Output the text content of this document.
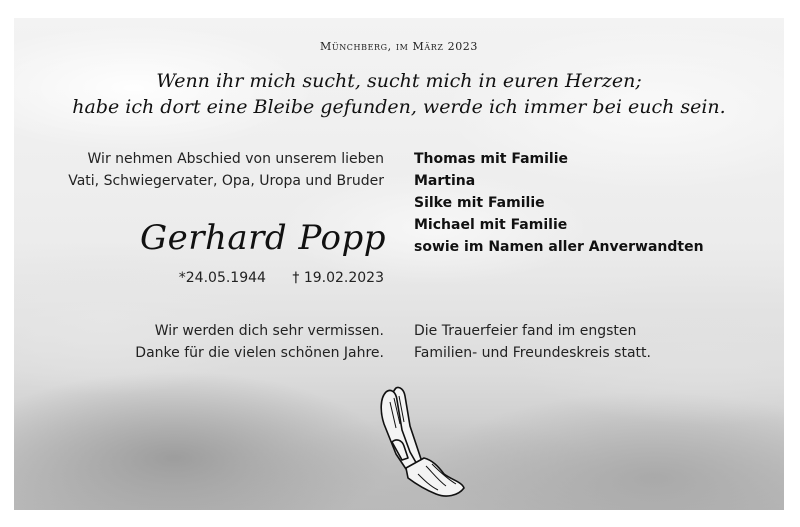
Münchberg, im März 2023
Wenn ihr mich sucht, sucht mich in euren Herzen;
habe ich dort eine Bleibe gefunden, werde ich immer bei euch sein.
Wir nehmen Abschied von unserem lieben
Vati, Schwiegervater, Opa, Uropa und Bruder
Gerhard Popp
*24.05.1944 † 19.02.2023
Thomas mit Familie
Martina
Silke mit Familie
Michael mit Familie
sowie im Namen aller Anverwandten
Wir werden dich sehr vermissen.
Danke für die vielen schönen Jahre.
Die Trauerfeier fand im engsten
Familien- und Freundeskreis statt.
